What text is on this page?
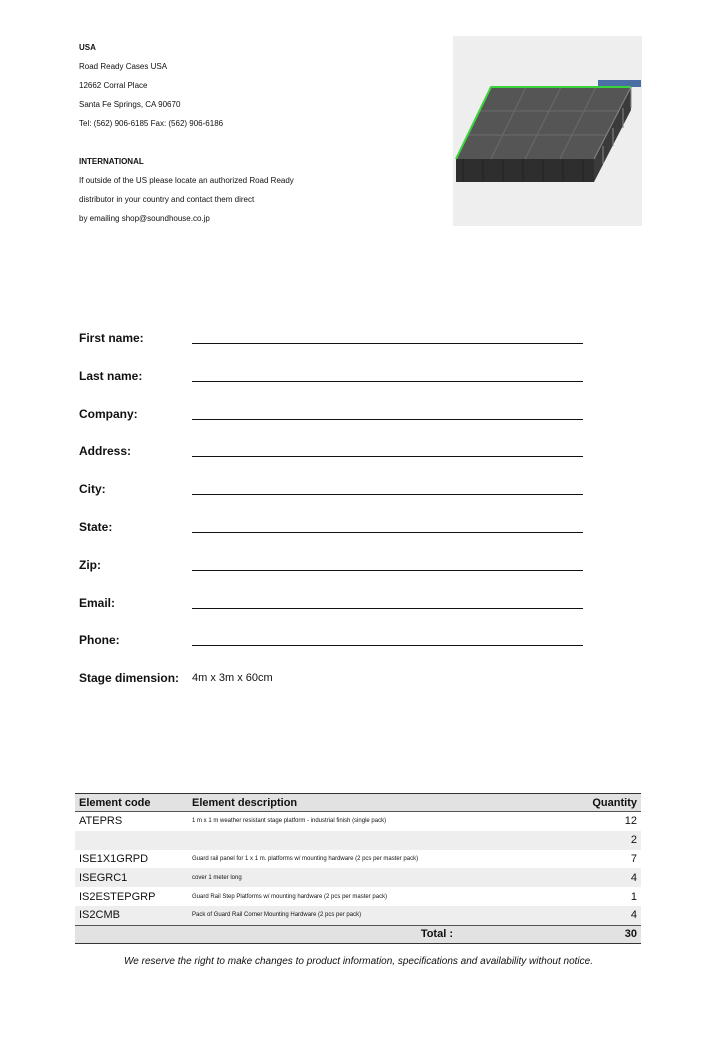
USA
Road Ready Cases USA
12662 Corral Place
Santa Fe Springs, CA 90670
Tel: (562) 906-6185 Fax: (562) 906-6186
INTERNATIONAL
If outside of the US please locate an authorized Road Ready
distributor in your country and contact them direct
by emailing shop@soundhouse.co.jp
First name:
Last name:
Company:
Address:
City:
State:
Zip:
Email:
Phone:
Stage dimension: 4m x 3m x 60cm
Element code	Element description	Quantity
ATEPRS	1 m x 1 m weather resistant stage platform - industrial finish (single pack)	12
		2
ISE1X1GRPD	Guard rail panel for 1 x 1 m. platforms w/ mounting hardware (2 pcs per master pack)	7
ISEGRC1	cover 1 meter long	4
IS2ESTEPGRP	Guard Rail Step Platforms w/ mounting hardware (2 pcs per master pack)	1
IS2CMB	Pack of Guard Rail Corner Mounting Hardware (2 pcs per pack)	4
Total :		30
We reserve the right to make changes to product information, specifications and availability without notice.
